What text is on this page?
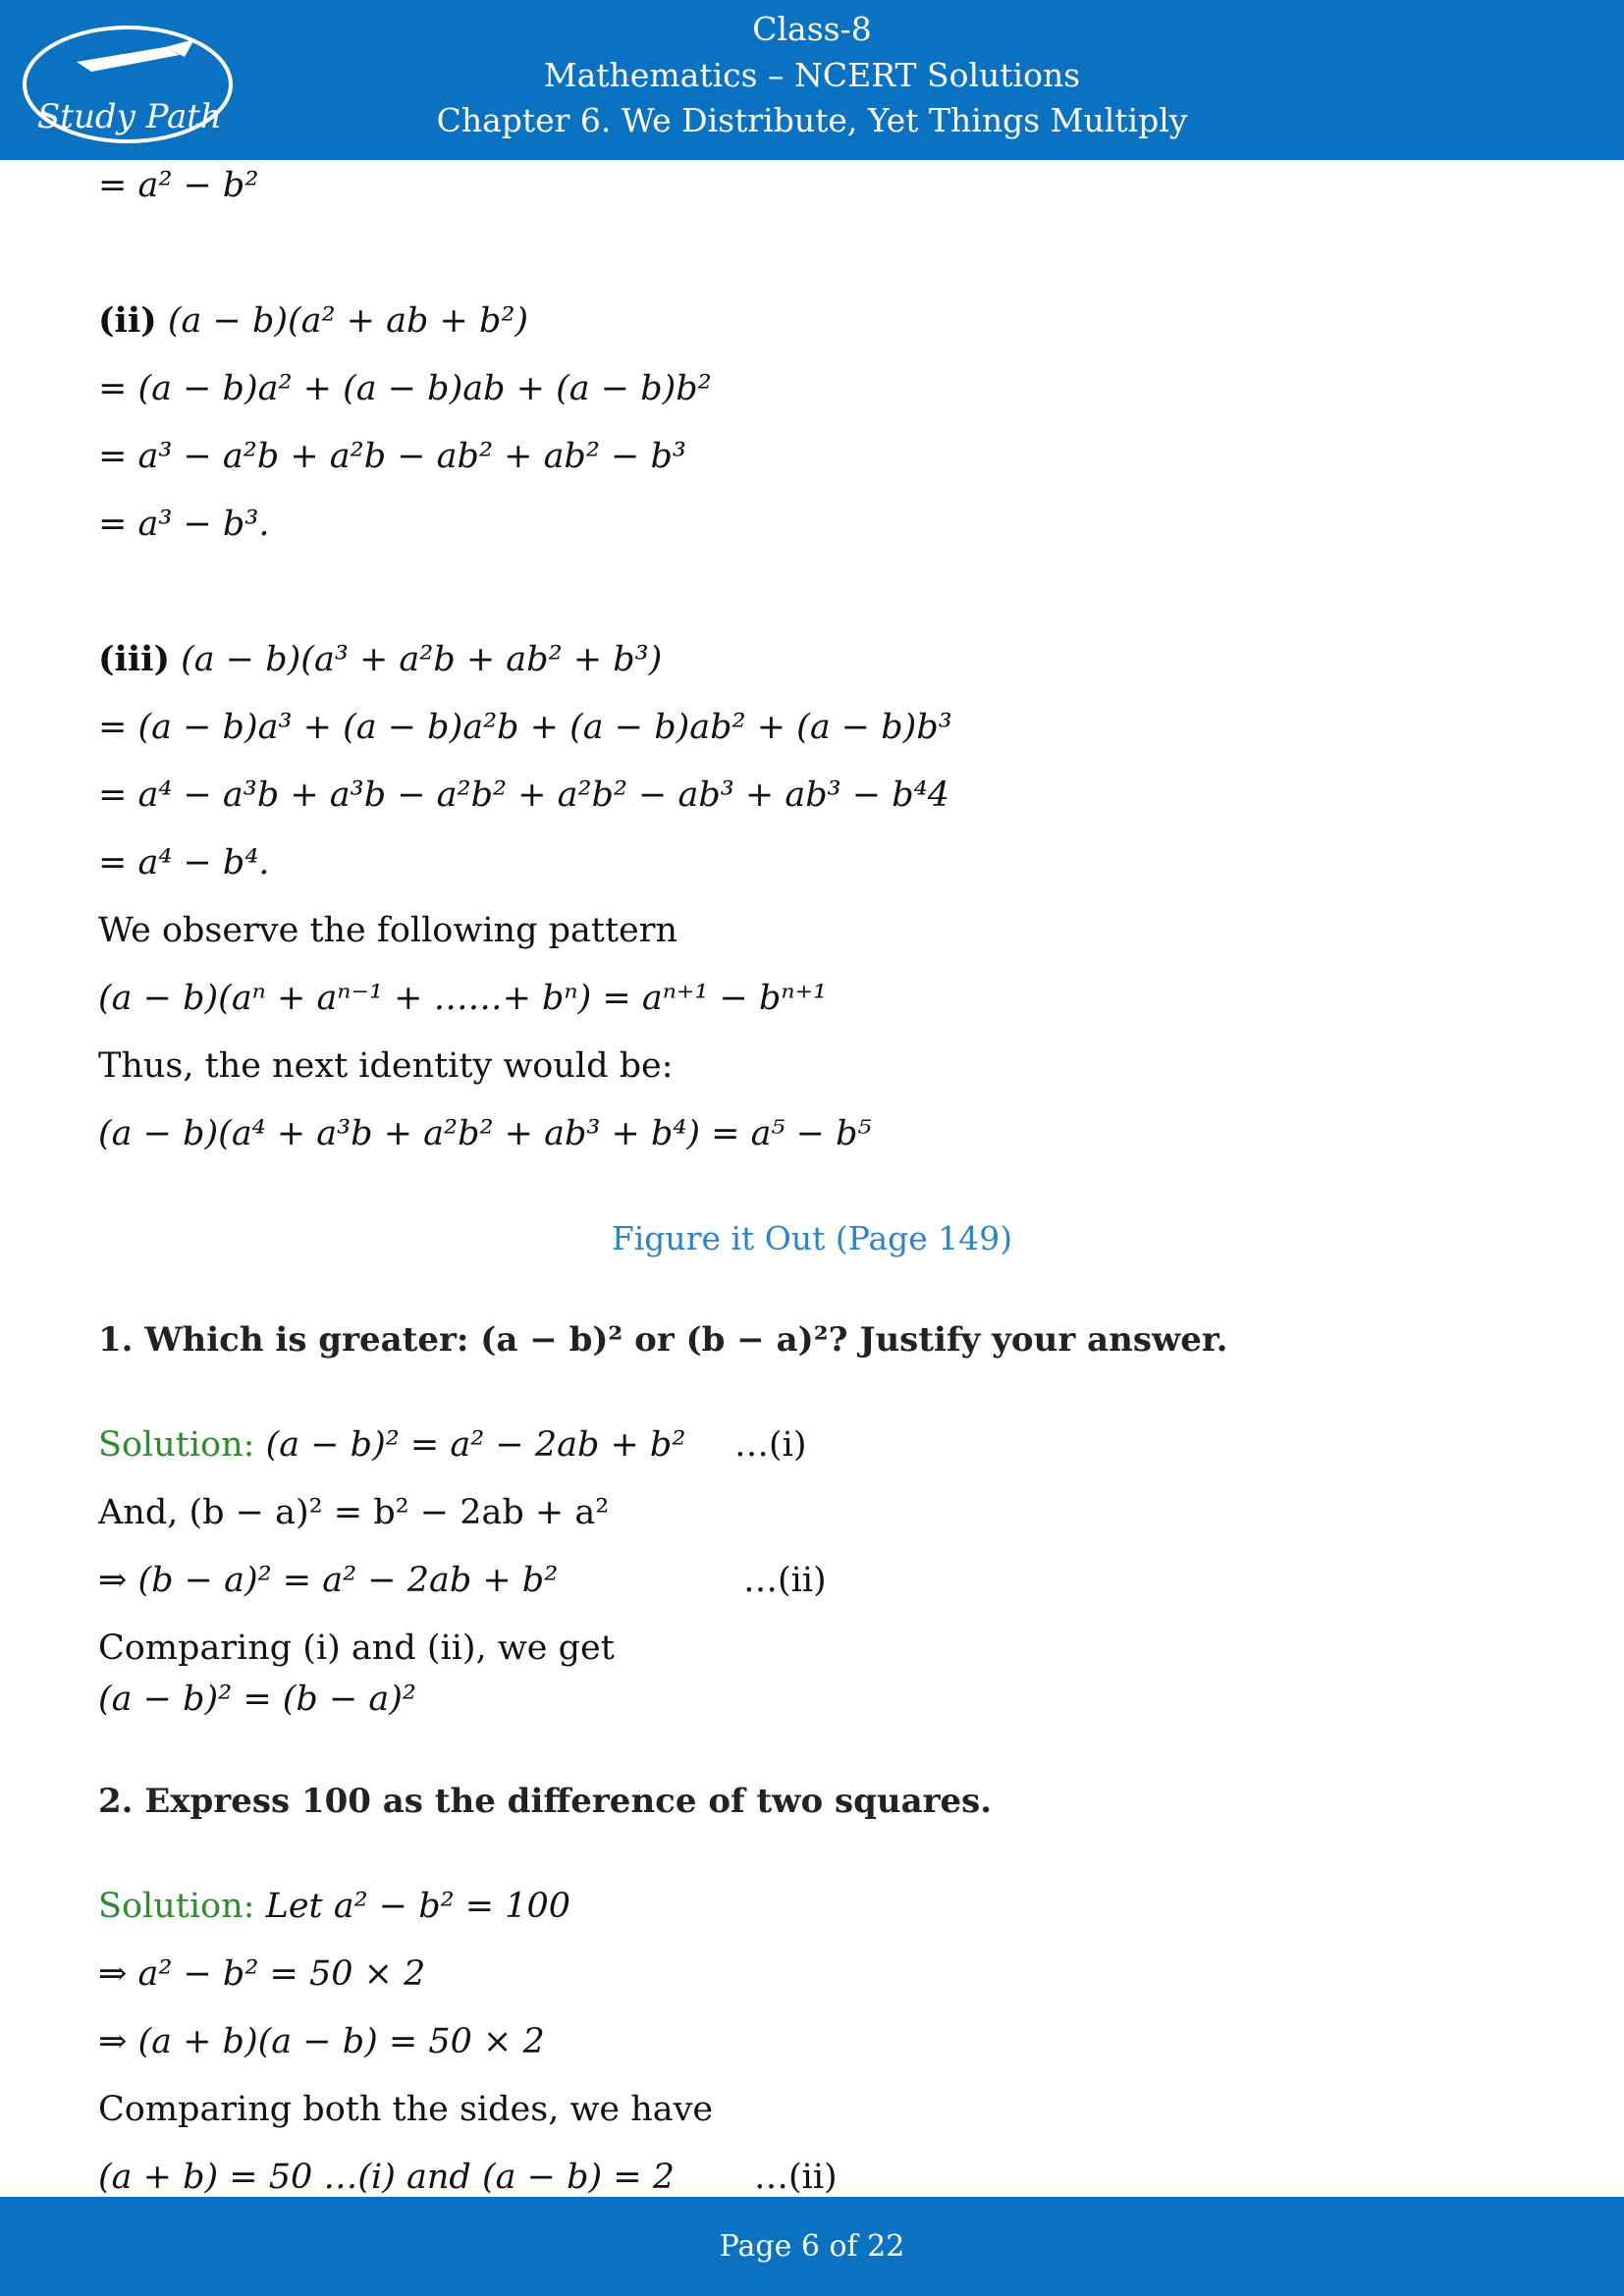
Study Path
Class-8
Mathematics – NCERT Solutions
Chapter 6. We Distribute, Yet Things Multiply
= a² − b²
(ii) (a − b)(a² + ab + b²)
= (a − b)a² + (a − b)ab + (a − b)b²
= a³ − a²b + a²b − ab² + ab² − b³
= a³ − b³.
(iii) (a − b)(a³ + a²b + ab² + b³)
= (a − b)a³ + (a − b)a²b + (a − b)ab² + (a − b)b³
= a⁴ − a³b + a³b − a²b² + a²b² − ab³ + ab³ − b⁴4
= a⁴ − b⁴.
We observe the following pattern
(a − b)(aⁿ + aⁿ⁻¹ + ……+ bⁿ) = aⁿ⁺¹ − bⁿ⁺¹
Thus, the next identity would be:
(a − b)(a⁴ + a³b + a²b² + ab³ + b⁴) = a⁵ − b⁵
Figure it Out (Page 149)
1. Which is greater: (a − b)² or (b − a)²? Justify your answer.
Solution: (a − b)² = a² − 2ab + b² …(i)
And, (b − a)² = b² − 2ab + a²
⇒ (b − a)² = a² − 2ab + b²	…(ii)
Comparing (i) and (ii), we get
(a − b)² = (b − a)²
2. Express 100 as the difference of two squares.
Solution: Let a² − b² = 100
⇒ a² − b² = 50 × 2
⇒ (a + b)(a − b) = 50 × 2
Comparing both the sides, we have
(a + b) = 50 …(i) and (a − b) = 2 …(ii)
Page 6 of 22
